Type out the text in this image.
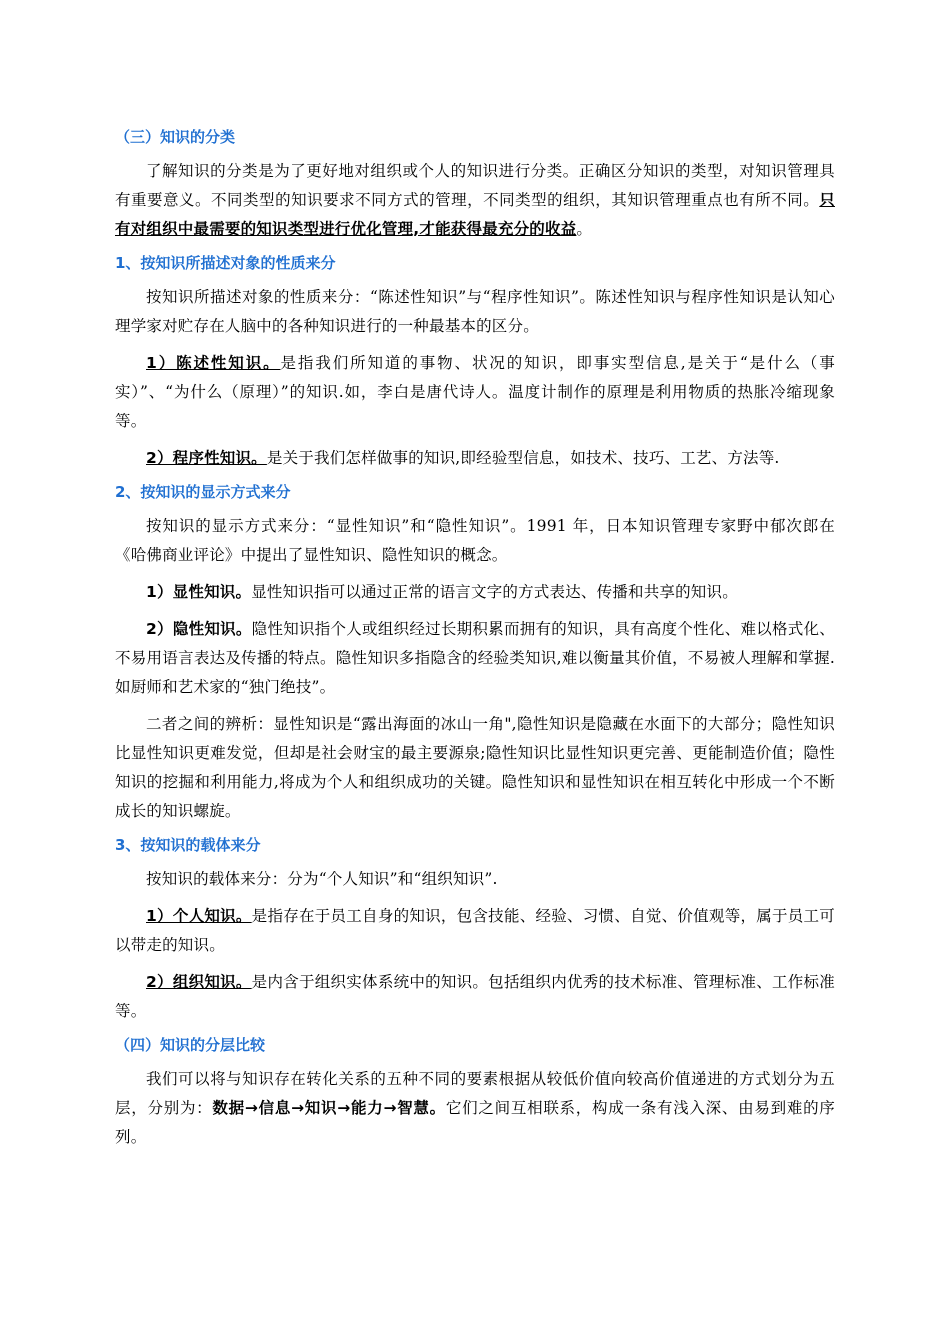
（三）知识的分类

了解知识的分类是为了更好地对组织或个人的知识进行分类。正确区分知识的类型，对知识管理具有重要意义。不同类型的知识要求不同方式的管理，不同类型的组织，其知识管理重点也有所不同。只有对组织中最需要的知识类型进行优化管理,才能获得最充分的收益。

1、按知识所描述对象的性质来分

按知识所描述对象的性质来分：“陈述性知识”与“程序性知识”。陈述性知识与程序性知识是认知心理学家对贮存在人脑中的各种知识进行的一种最基本的区分。

1）陈述性知识。是指我们所知道的事物、状况的知识，即事实型信息,是关于“是什么（事实）”、“为什么（原理）”的知识.如，李白是唐代诗人。温度计制作的原理是利用物质的热胀冷缩现象等。

2）程序性知识。是关于我们怎样做事的知识,即经验型信息，如技术、技巧、工艺、方法等.

2、按知识的显示方式来分

按知识的显示方式来分：“显性知识”和“隐性知识”。1991 年，日本知识管理专家野中郁次郎在《哈佛商业评论》中提出了显性知识、隐性知识的概念。

1）显性知识。显性知识指可以通过正常的语言文字的方式表达、传播和共享的知识。

2）隐性知识。隐性知识指个人或组织经过长期积累而拥有的知识，具有高度个性化、难以格式化、不易用语言表达及传播的特点。隐性知识多指隐含的经验类知识,难以衡量其价值，不易被人理解和掌握.如厨师和艺术家的“独门绝技”。

二者之间的辨析：显性知识是“露出海面的冰山一角",隐性知识是隐藏在水面下的大部分；隐性知识比显性知识更难发觉，但却是社会财宝的最主要源泉;隐性知识比显性知识更完善、更能制造价值；隐性知识的挖掘和利用能力,将成为个人和组织成功的关键。隐性知识和显性知识在相互转化中形成一个不断成长的知识螺旋。

3、按知识的载体来分

按知识的载体来分：分为“个人知识”和“组织知识”.

1）个人知识。是指存在于员工自身的知识，包含技能、经验、习惯、自觉、价值观等，属于员工可以带走的知识。

2）组织知识。是内含于组织实体系统中的知识。包括组织内优秀的技术标准、管理标准、工作标准等。

（四）知识的分层比较

我们可以将与知识存在转化关系的五种不同的要素根据从较低价值向较高价值递进的方式划分为五层，分别为：数据→信息→知识→能力→智慧。它们之间互相联系，构成一条有浅入深、由易到难的序列。
